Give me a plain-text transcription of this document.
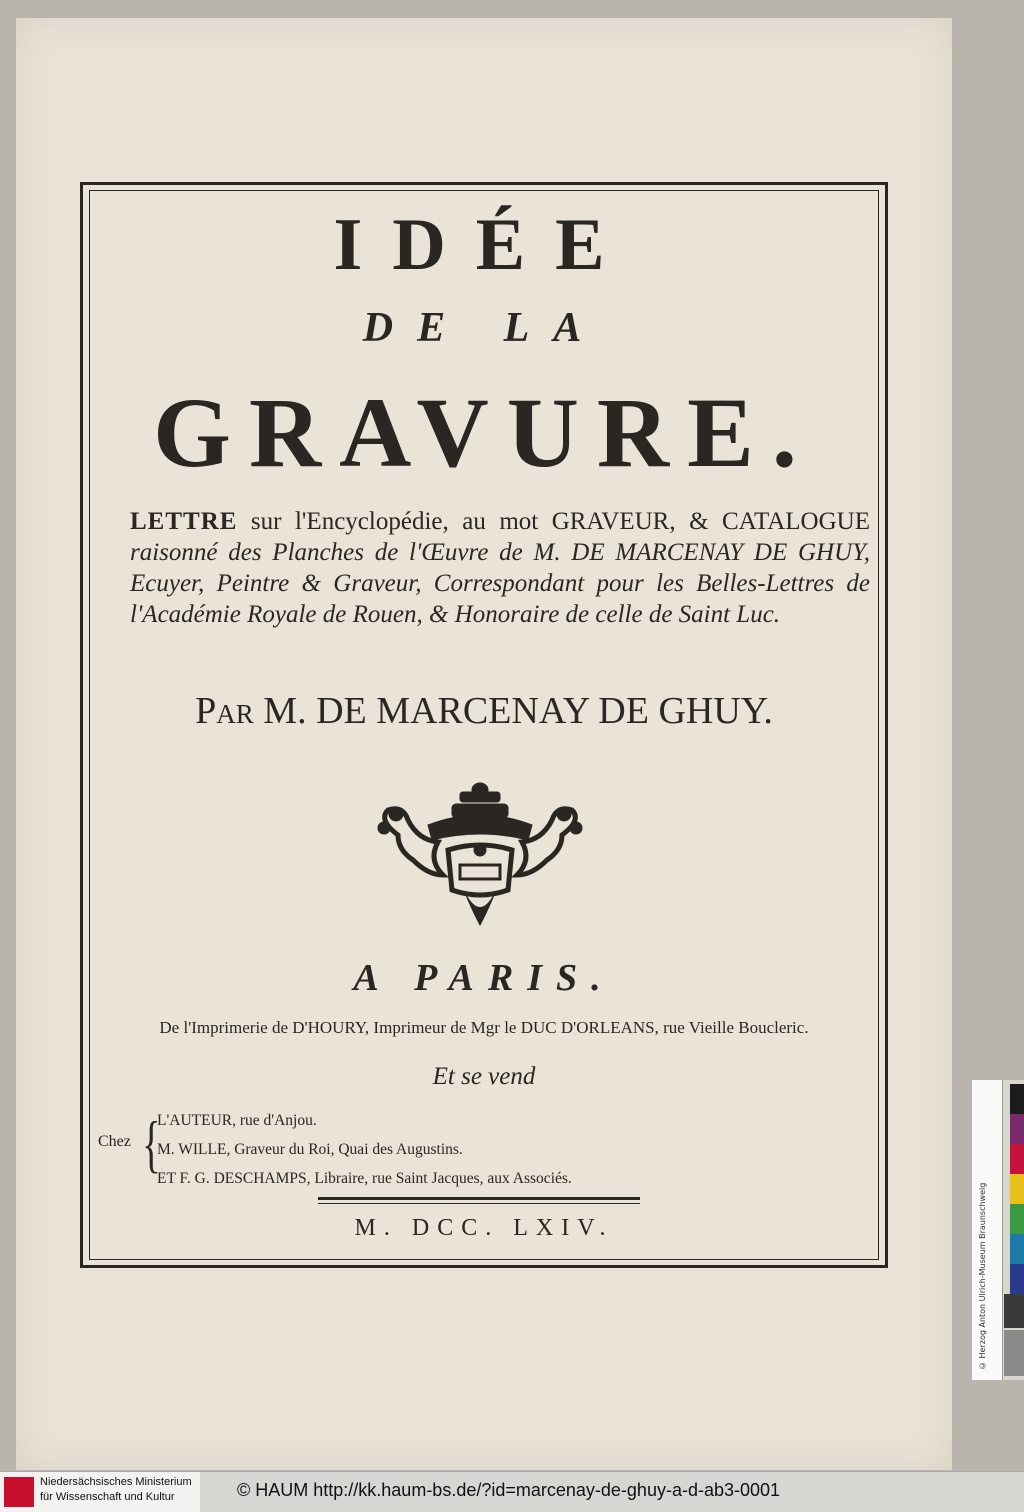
IDÉE
DE LA
GRAVURE.
LETTRE sur l'Encyclopédie, au mot GRAVEUR, & CATALOGUE raisonné des Planches de l'Œuvre de M. DE MARCENAY DE GHUY, Ecuyer, Peintre & Graveur, Correspondant pour les Belles-Lettres de l'Académie Royale de Rouen, & Honoraire de celle de Saint Luc.
Par M. DE MARCENAY DE GHUY.
A PARIS.
De l'Imprimerie de D'HOURY, Imprimeur de Mgr le DUC D'ORLEANS, rue Vieille Boucleric.
Et se vend
Chez {
L'AUTEUR, rue d'Anjou.
M. WILLE, Graveur du Roi, Quai des Augustins.
ET F. G. DESCHAMPS, Libraire, rue Saint Jacques, aux Associés.
M. DCC. LXIV.	© Herzog Anton Ulrich-Museum Braunschweig
Niedersächsisches Ministerium
für Wissenschaft und Kultur	© HAUM http://kk.haum-bs.de/?id=marcenay-de-ghuy-a-d-ab3-0001
